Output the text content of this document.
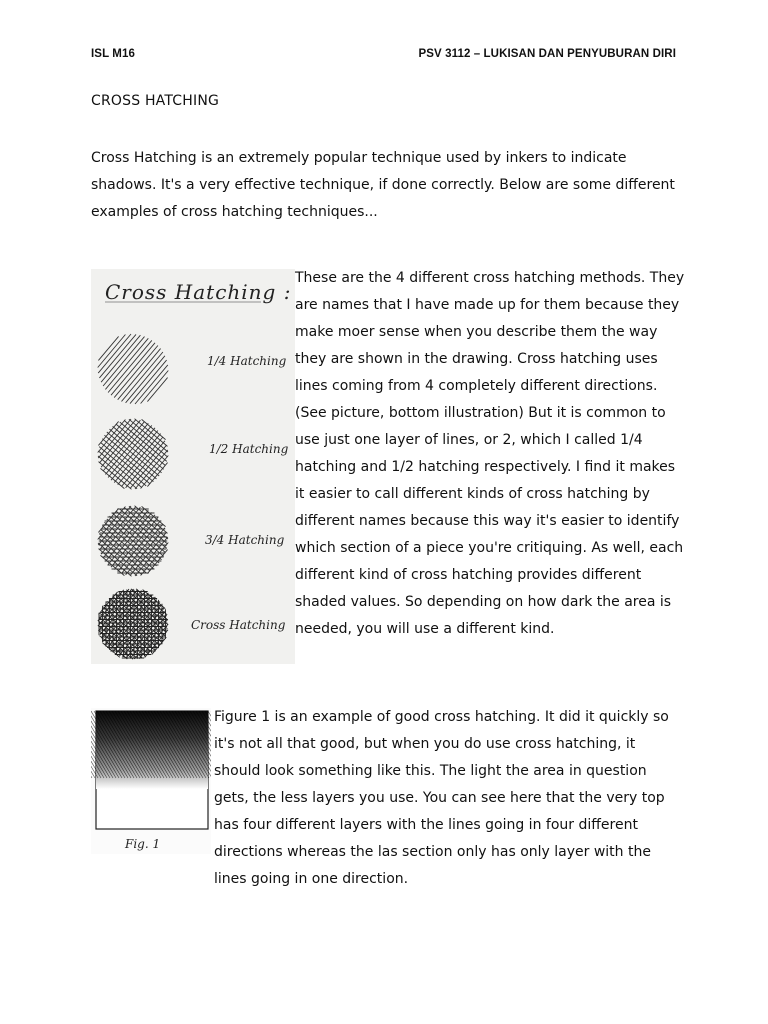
ISL M16	PSV 3112 – LUKISAN DAN PENYUBURAN DIRI
CROSS HATCHING
Cross Hatching is an extremely popular technique used by inkers to indicate shadows. It's a very effective technique, if done correctly. Below are some different examples of cross hatching techniques...
Cross Hatching :
1/4 Hatching
1/2 Hatching
3/4 Hatching
Cross Hatching
These are the 4 different cross hatching methods. They are names that I have made up for them because they make moer sense when you describe them the way they are shown in the drawing. Cross hatching uses lines coming from 4 completely different directions. (See picture, bottom illustration) But it is common to use just one layer of lines, or 2, which I called 1/4 hatching and 1/2 hatching respectively. I find it makes it easier to call different kinds of cross hatching by different names because this way it's easier to identify which section of a piece you're critiquing. As well, each different kind of cross hatching provides different shaded values. So depending on how dark the area is needed, you will use a different kind.
Fig. 1
Figure 1 is an example of good cross hatching. It did it quickly so it's not all that good, but when you do use cross hatching, it should look something like this. The light the area in question gets, the less layers you use. You can see here that the very top has four different layers with the lines going in four different directions whereas the las section only has only layer with the lines going in one direction.
